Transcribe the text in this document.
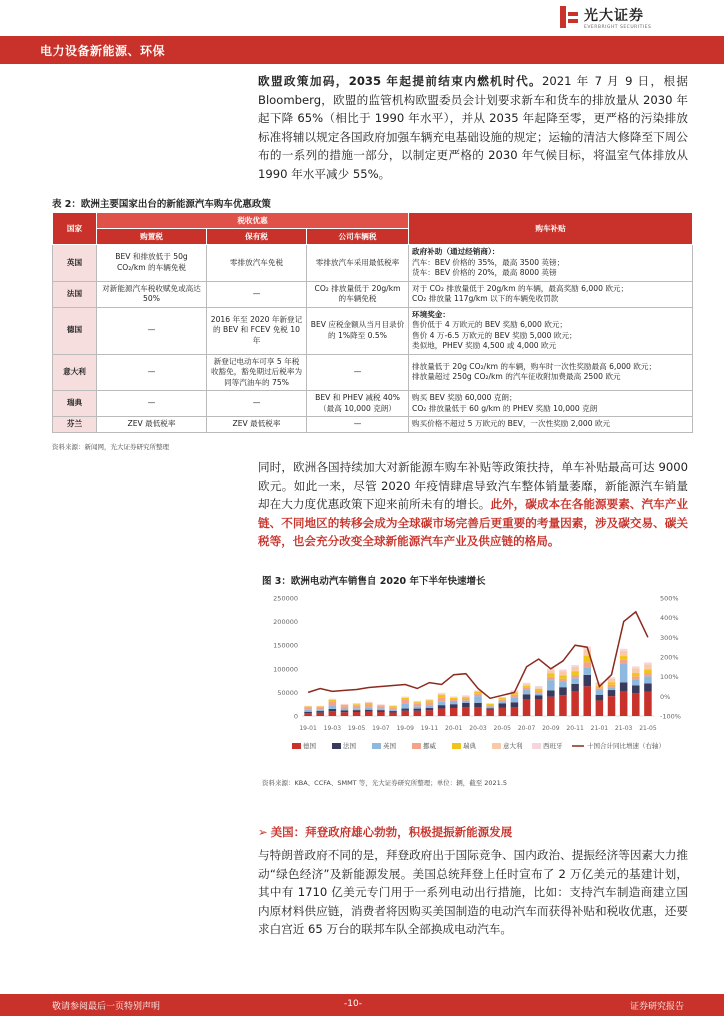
电力设备新能源、环保
光大证券
EVERBRIGHT SECURITIES
欧盟政策加码，2035 年起提前结束内燃机时代。2021 年 7 月 9 日，根据 Bloomberg，欧盟的监管机构欧盟委员会计划要求新车和货车的排放量从 2030 年起下降 65%（相比于 1990 年水平），并从 2035 年起降至零，更严格的污染排放标准将辅以规定各国政府加强车辆充电基础设施的规定；运输的清洁大修降至下周公布的一系列的措施一部分，以制定更严格的 2030 年气候目标，将温室气体排放从 1990 年水平减少 55%。
表 2：欧洲主要国家出台的新能源汽车购车优惠政策
国家	税收优惠			购车补贴
	购置税	保有税	公司车辆税	
英国	BEV 和排放低于 50g CO₂/km 的车辆免税	零排放汽车免税	零排放汽车采用最低税率	政府补助（通过经销商）：
汽车：BEV 价格的 35%，最高 3500 英镑；
货车：BEV 价格的 20%，最高 8000 英镑

法国	对新能源汽车税收赋免或高达 50%	—	CO₂ 排放量低于 20g/km 的车辆免税	对于 CO₂ 排放量低于 20g/km 的车辆，最高奖励 6,000 欧元；
CO₂ 排放量 117g/km 以下的车辆免收罚款

德国	—	2016 年至 2020 年新登记的 BEV 和 FCEV 免税 10 年	BEV 应税金额从当月目录价的 1%降至 0.5%	环境奖金：
售价低于 4 万欧元的 BEV 奖励 6,000 欧元；
售价 4 万-6.5 万欧元的 BEV 奖励 5,000 欧元；
类似地，PHEV 奖励 4,500 或 4,000 欧元

意大利	—	新登记电动车可享 5 年税收豁免，豁免期过后税率为同等汽油车的 75%	—	排放量低于 20g CO₂/km 的车辆，购车时一次性奖励最高 6,000 欧元；
排放量超过 250g CO₂/km 的汽车征收附加费最高 2500 欧元

瑞典	—	—	BEV 和 PHEV 减税 40%（最高 10,000 克朗）	购买 BEV 奖励 60,000 克朗；
CO₂ 排放量低于 60 g/km 的 PHEV 奖励 10,000 克朗

芬兰	ZEV 最低税率	ZEV 最低税率	—	购买价格不超过 5 万欧元的 BEV，一次性奖励 2,000 欧元
资料来源：新闻网，光大证券研究所整理
同时，欧洲各国持续加大对新能源车购车补贴等政策扶持，单车补贴最高可达 9000 欧元。如此一来，尽管 2020 年疫情肆虐导致汽车整体销量萎靡，新能源汽车销量却在大力度优惠政策下迎来前所未有的增长。此外，碳成本在各能源要素、汽车产业链、不同地区的转移会成为全球碳市场完善后更重要的考量因素，涉及碳交易、碳关税等，也会充分改变全球新能源汽车产业及供应链的格局。
图 3：欧洲电动汽车销售自 2020 年下半年快速增长
0
50000
100000
150000
200000
250000
-100%
0%
100%
200%
300%
400%
500%
19-01 19-03 19-05 19-07 19-09 19-11 20-01 20-03 20-05 20-07 20-09 20-11 21-01 21-03 21-05
德国	法国	英国	挪威	瑞典	意大利	西班牙	十国合计同比增速（右轴）
资料来源：KBA、CCFA、SMMT 等，光大证券研究所整理；单位：辆，截至 2021.5
➢ 美国：拜登政府雄心勃勃，积极提振新能源发展
与特朗普政府不同的是，拜登政府出于国际竞争、国内政治、提振经济等因素大力推动“绿色经济”及新能源发展。美国总统拜登上任时宣布了 2 万亿美元的基建计划，其中有 1710 亿美元专门用于一系列电动出行措施，比如：支持汽车制造商建立国内原材料供应链，消费者将因购买美国制造的电动汽车而获得补贴和税收优惠，还要求白宫近 65 万台的联邦车队全部换成电动汽车。
敬请参阅最后一页特别声明	-10-	证券研究报告
